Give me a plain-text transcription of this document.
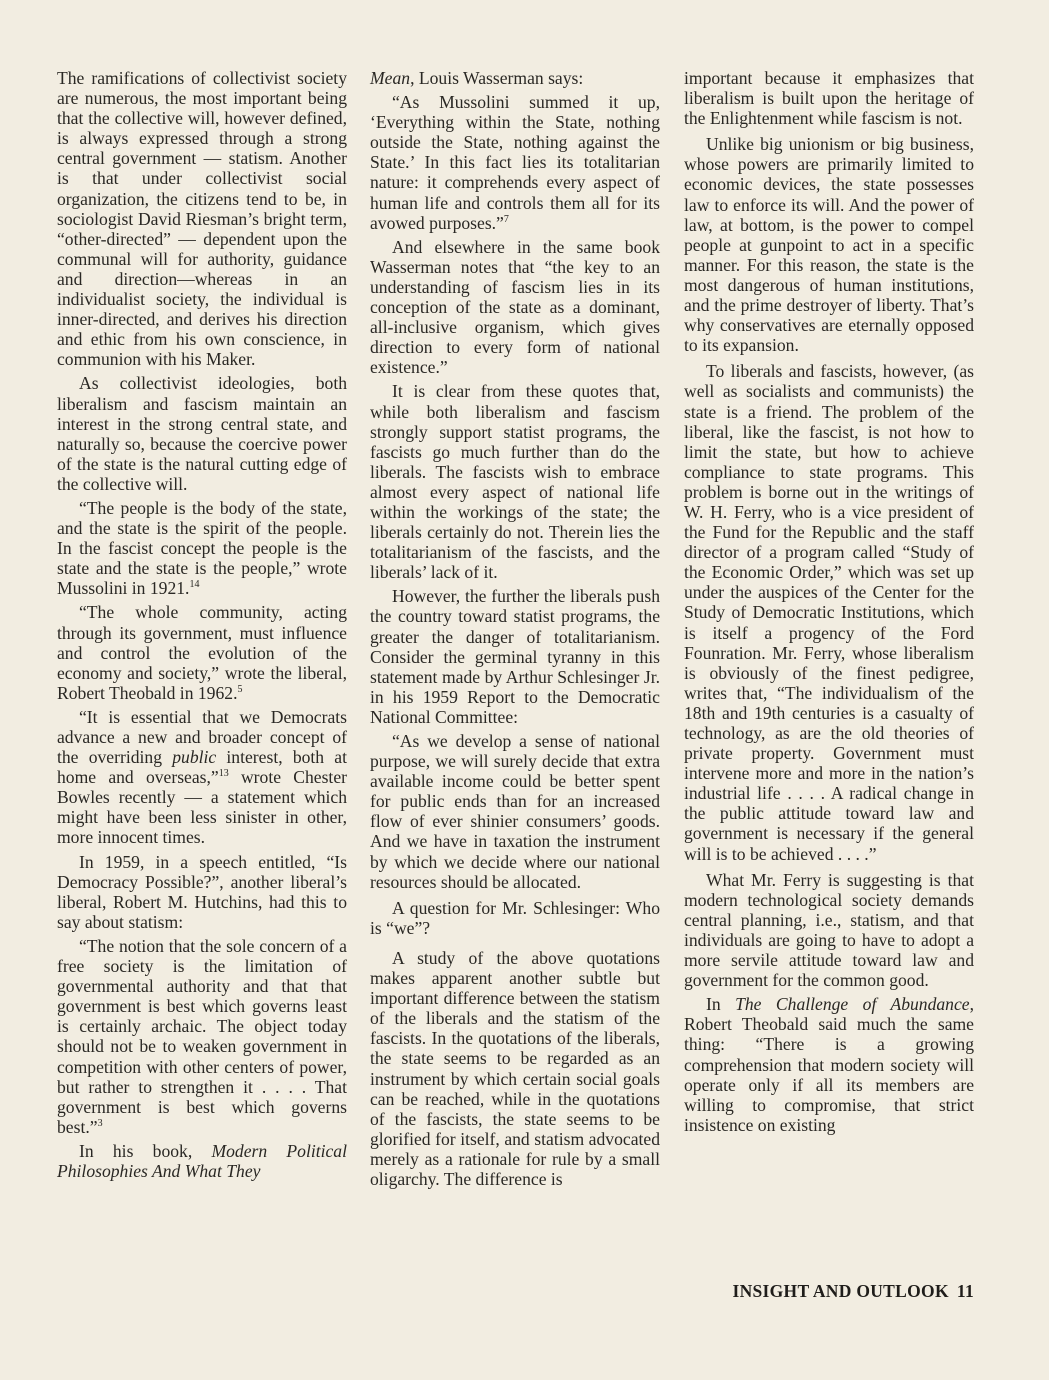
The ramifications of collectivist society are numerous, the most important being that the collective will, however defined, is always expressed through a strong central government — statism. Another is that under collectivist social organization, the citizens tend to be, in sociologist David Riesman’s bright term, “other-directed” — dependent upon the communal will for authority, guidance and direction—whereas in an individualist society, the individual is inner-directed, and derives his direction and ethic from his own conscience, in communion with his Maker.

As collectivist ideologies, both liberalism and fascism maintain an interest in the strong central state, and naturally so, because the coercive power of the state is the natural cutting edge of the collective will.

“The people is the body of the state, and the state is the spirit of the people. In the fascist concept the people is the state and the state is the people,” wrote Mussolini in 1921.14

“The whole community, acting through its government, must influence and control the evolution of the economy and society,” wrote the liberal, Robert Theobald in 1962.$^5$

“It is essential that we Democrats advance a new and broader concept of the overriding public interest, both at home and overseas,”$^{13}$ wrote Chester Bowles recently — a statement which might have been less sinister in other, more innocent times.

In 1959, in a speech entitled, “Is Democracy Possible?”, another liberal’s liberal, Robert M. Hutchins, had this to say about statism:

“The notion that the sole concern of a free society is the limitation of governmental authority and that that government is best which governs least is certainly archaic. The object today should not be to weaken government in competition with other centers of power, but rather to strengthen it . . . . That government is best which governs best.”$^3$

In his book, Modern Political Philosophies And What They

Mean, Louis Wasserman says:

“As Mussolini summed it up, ‘Everything within the State, nothing outside the State, nothing against the State.’ In this fact lies its totalitarian nature: it comprehends every aspect of human life and controls them all for its avowed purposes.”$^7$

And elsewhere in the same book Wasserman notes that “the key to an understanding of fascism lies in its conception of the state as a dominant, all-inclusive organism, which gives direction to every form of national existence.”

It is clear from these quotes that, while both liberalism and fascism strongly support statist programs, the fascists go much further than do the liberals. The fascists wish to embrace almost every aspect of national life within the workings of the state; the liberals certainly do not. Therein lies the totalitarianism of the fascists, and the liberals’ lack of it.

However, the further the liberals push the country toward statist programs, the greater the danger of totalitarianism. Consider the germinal tyranny in this statement made by Arthur Schlesinger Jr. in his 1959 Report to the Democratic National Committee:

“As we develop a sense of national purpose, we will surely decide that extra available income could be better spent for public ends than for an increased flow of ever shinier consumers’ goods. And we have in taxation the instrument by which we decide where our national resources should be allocated.

A question for Mr. Schlesinger: Who is “we”?

A study of the above quotations makes apparent another subtle but important difference between the statism of the liberals and the statism of the fascists. In the quotations of the liberals, the state seems to be regarded as an instrument by which certain social goals can be reached, while in the quotations of the fascists, the state seems to be glorified for itself, and statism advocated merely as a rationale for rule by a small oligarchy. The difference is

important because it emphasizes that liberalism is built upon the heritage of the Enlightenment while fascism is not.

Unlike big unionism or big business, whose powers are primarily limited to economic devices, the state possesses law to enforce its will. And the power of law, at bottom, is the power to compel people at gunpoint to act in a specific manner. For this reason, the state is the most dangerous of human institutions, and the prime destroyer of liberty. That’s why conservatives are eternally opposed to its expansion.

To liberals and fascists, however, (as well as socialists and communists) the state is a friend. The problem of the liberal, like the fascist, is not how to limit the state, but how to achieve compliance to state programs. This problem is borne out in the writings of W. H. Ferry, who is a vice president of the Fund for the Republic and the staff director of a program called “Study of the Economic Order,” which was set up under the auspices of the Center for the Study of Democratic Institutions, which is itself a progency of the Ford Founration. Mr. Ferry, whose liberalism is obviously of the finest pedigree, writes that, “The individualism of the 18th and 19th centuries is a casualty of technology, as are the old theories of private property. Government must intervene more and more in the nation’s industrial life . . . . A radical change in the public attitude toward law and government is necessary if the general will is to be achieved . . . .”

What Mr. Ferry is suggesting is that modern technological society demands central planning, i.e., statism, and that individuals are going to have to adopt a more servile attitude toward law and government for the common good.

In The Challenge of Abundance, Robert Theobald said much the same thing: “There is a growing comprehension that modern society will operate only if all its members are willing to compromise, that strict insistence on existing

INSIGHT AND OUTLOOK 11
